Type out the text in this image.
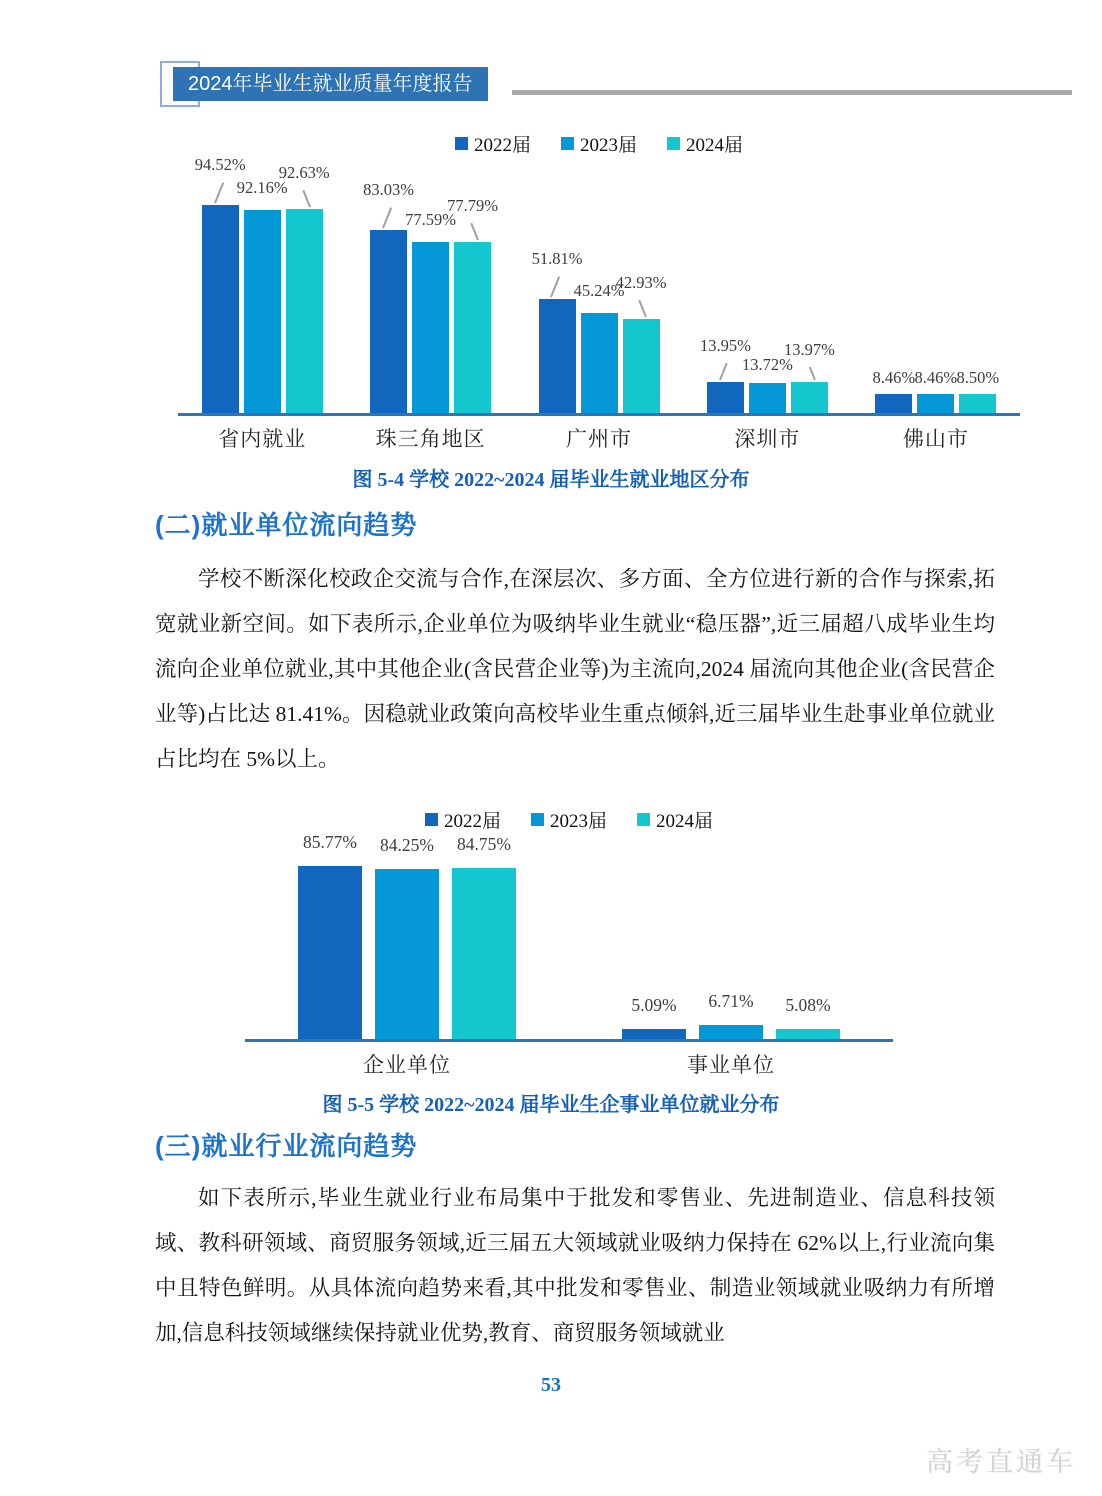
2024年毕业生就业质量年度报告
2022届	2023届	2024届
94.52%
92.16%
92.63%
83.03%
77.59%
77.79%
51.81%
45.24%
42.93%
13.95%
13.72%
13.97%
8.46% 8.46% 8.50%
省内就业	珠三角地区	广州市	深圳市	佛山市
图 5-4 学校 2022~2024 届毕业生就业地区分布
(二)就业单位流向趋势
学校不断深化校政企交流与合作,在深层次、多方面、全方位进行新的合作与探索,拓宽就业新空间。如下表所示,企业单位为吸纳毕业生就业“稳压器”,近三届超八成毕业生均流向企业单位就业,其中其他企业(含民营企业等)为主流向,2024 届流向其他企业(含民营企业等)占比达 81.41%。因稳就业政策向高校毕业生重点倾斜,近三届毕业生赴事业单位就业占比均在 5%以上。
2022届	2023届	2024届
85.77% 84.25% 84.75%
5.09% 6.71% 5.08%
企业单位	事业单位
图 5-5 学校 2022~2024 届毕业生企事业单位就业分布
(三)就业行业流向趋势
如下表所示,毕业生就业行业布局集中于批发和零售业、先进制造业、信息科技领域、教科研领域、商贸服务领域,近三届五大领域就业吸纳力保持在 62%以上,行业流向集中且特色鲜明。从具体流向趋势来看,其中批发和零售业、制造业领域就业吸纳力有所增加,信息科技领域继续保持就业优势,教育、商贸服务领域就业
53
高考直通车
